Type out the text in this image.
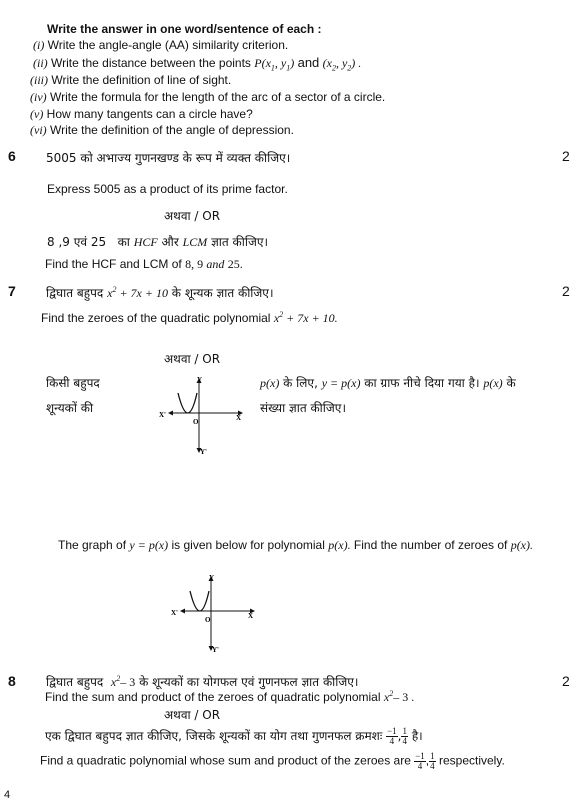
Write the answer in one word/sentence of each :
(i) Write the angle-angle (AA) similarity criterion.
(ii) Write the distance between the points $P(x_1$, $y_1$) and ($x_2$, $y_2$) .
(iii) Write the definition of line of sight.
(iv) Write the formula for the length of the arc of a sector of a circle.
(v) How many tangents can a circle have?
(vi) Write the definition of the angle of depression.
6	5005 को अभाज्य गुणनखण्ड के रूप में व्यक्त कीजिए।	2
Express 5005 as a product of its prime factor.
अथवा / OR
8 ,9 एवं 25 का HCF और LCM ज्ञात कीजिए।
Find the HCF and LCM of 8, 9 and 25.
7	द्विघात बहुपद $x^2 + 7x + 10$ के शून्यक ज्ञात कीजिए।	2
Find the zeroes of the quadratic polynomial $x^2 + 7x + 10$.
अथवा / OR
किसी बहुपद
शून्यकों की
p(x) के लिए, y = p(x) का ग्राफ नीचे दिया गया है। p(x) के
संख्या ज्ञात कीजिए।
Y
Y'
X
X'
O
The graph of y = p(x) is given below for polynomial p(x). Find the number of zeroes of p(x).
Y
Y'
X
X'
O
8	द्विघात बहुपद $x^2-$ 3 के शून्यकों का योगफल एवं गुणनफल ज्ञात कीजिए।	2
Find the sum and product of the zeroes of quadratic polynomial $x^2-$ 3 .
अथवा / OR
एक द्विघात बहुपद ज्ञात कीजिए, जिसके शून्यकों का योग तथा गुणनफल क्रमशः $\frac{-1}{4}$ , $\frac{1}{4}$ है।
Find a quadratic polynomial whose sum and product of the zeroes are $\frac{-1}{4}$ , $\frac{1}{4}$ respectively.
4
